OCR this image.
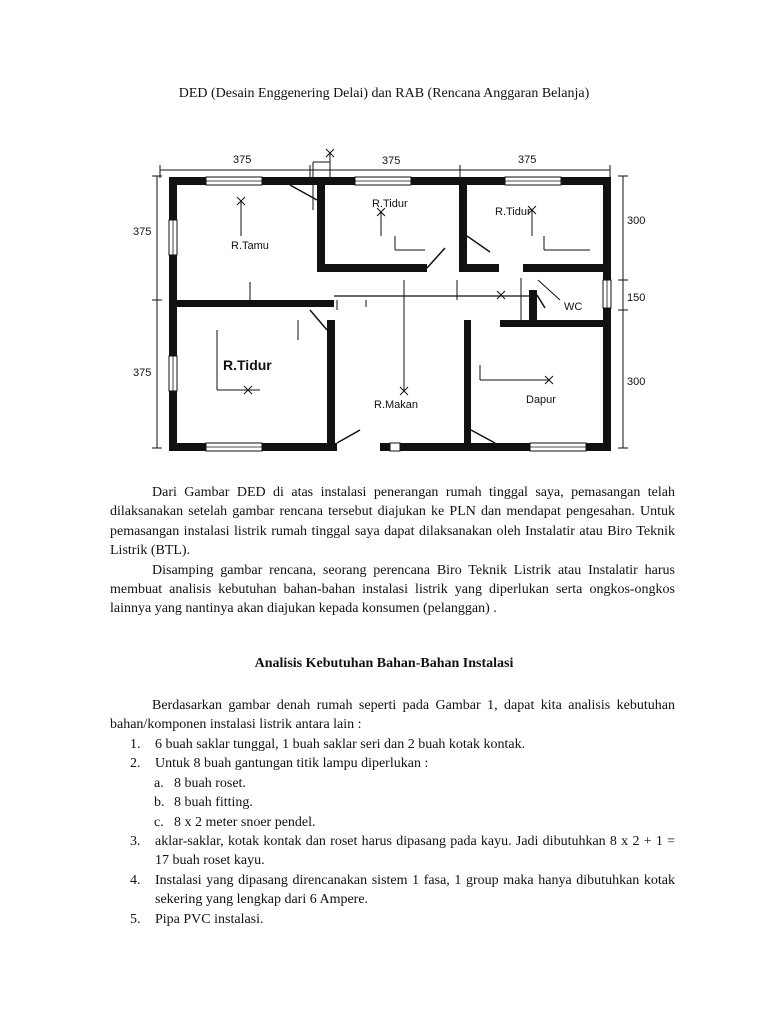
DED (Desain Enggenering Delai) dan RAB (Rencana Anggaran Belanja)
375	375	375
375
375
300
150
300
R.Tamu
R.Tidur
R.Tidur
R.Tidur
R.Makan	Dapur
WC

Dari Gambar DED di atas instalasi penerangan rumah tinggal saya, pemasangan telah dilaksanakan setelah gambar rencana tersebut diajukan ke PLN dan mendapat pengesahan. Untuk pemasangan instalasi listrik rumah tinggal saya dapat dilaksanakan oleh Instalatir atau Biro Teknik Listrik (BTL).

Disamping gambar rencana, seorang perencana Biro Teknik Listrik atau Instalatir harus membuat analisis kebutuhan bahan-bahan instalasi listrik yang diperlukan serta ongkos-ongkos lainnya yang nantinya akan diajukan kepada konsumen (pelanggan) .

Analisis Kebutuhan Bahan-Bahan Instalasi

Berdasarkan gambar denah rumah seperti pada Gambar 1, dapat kita analisis kebutuhan bahan/komponen instalasi listrik antara lain :

1. 6 buah saklar tunggal, 1 buah saklar seri dan 2 buah kotak kontak.
2. Untuk 8 buah gantungan titik lampu diperlukan :
a. 8 buah roset.
b. 8 buah fitting.
c. 8 x 2 meter snoer pendel.
3. aklar-saklar, kotak kontak dan roset harus dipasang pada kayu. Jadi dibutuhkan 8 x 2 + 1 = 17 buah roset kayu.
4. Instalasi yang dipasang direncanakan sistem 1 fasa, 1 group maka hanya dibutuhkan kotak sekering yang lengkap dari 6 Ampere.
5. Pipa PVC instalasi.
